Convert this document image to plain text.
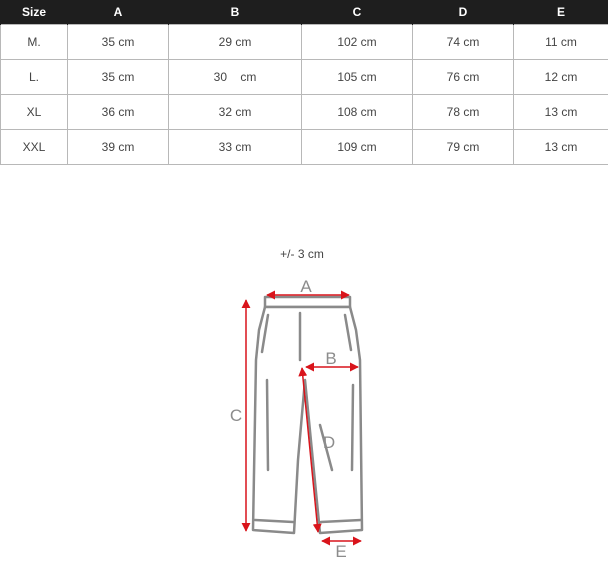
Size	A	B	C	D	E
M.	35 cm	29 cm	102 cm	74 cm	11 cm
L.	35 cm	30    cm	105 cm	76 cm	12 cm
XL	36 cm	32 cm	108 cm	78 cm	13 cm
XXL	39 cm	33 cm	109 cm	79 cm	13 cm
+/- 3 cm
A
C
B
D
E
